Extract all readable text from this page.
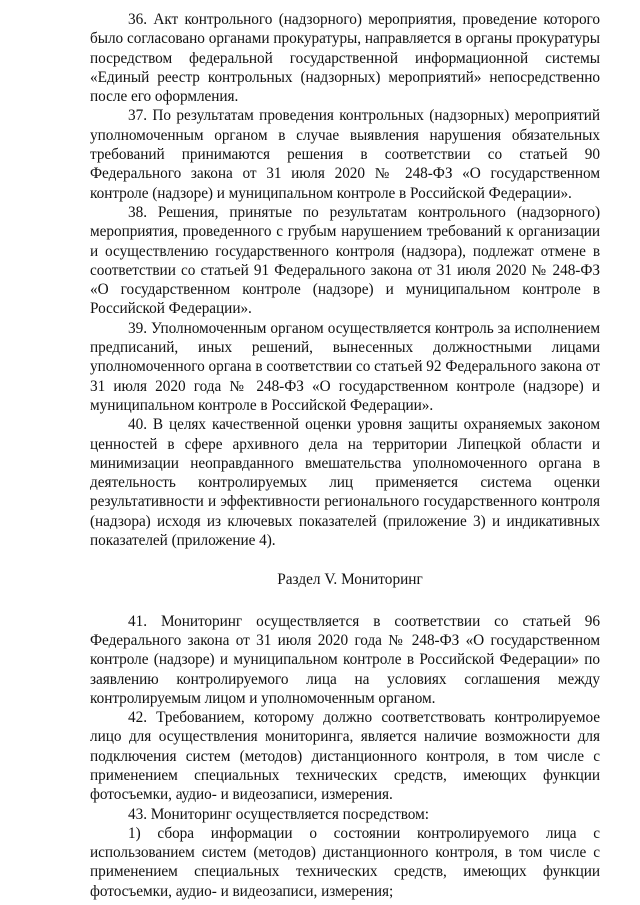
36. Акт контрольного (надзорного) мероприятия, проведение которого было согласовано органами прокуратуры, направляется в органы прокуратуры посредством федеральной государственной информационной системы «Единый реестр контрольных (надзорных) мероприятий» непосредственно после его оформления.

37. По результатам проведения контрольных (надзорных) мероприятий уполномоченным органом в случае выявления нарушения обязательных требований принимаются решения в соответствии со статьей 90 Федерального закона от 31 июля 2020 № 248-ФЗ «О государственном контроле (надзоре) и муниципальном контроле в Российской Федерации».

38. Решения, принятые по результатам контрольного (надзорного) мероприятия, проведенного с грубым нарушением требований к организации и осуществлению государственного контроля (надзора), подлежат отмене в соответствии со статьей 91 Федерального закона от 31 июля 2020 № 248-ФЗ «О государственном контроле (надзоре) и муниципальном контроле в Российской Федерации».

39. Уполномоченным органом осуществляется контроль за исполнением предписаний, иных решений, вынесенных должностными лицами уполномоченного органа в соответствии со статьей 92 Федерального закона от 31 июля 2020 года № 248-ФЗ «О государственном контроле (надзоре) и муниципальном контроле в Российской Федерации».

40. В целях качественной оценки уровня защиты охраняемых законом ценностей в сфере архивного дела на территории Липецкой области и минимизации неоправданного вмешательства уполномоченного органа в деятельность контролируемых лиц применяется система оценки результативности и эффективности регионального государственного контроля (надзора) исходя из ключевых показателей (приложение 3) и индикативных показателей (приложение 4).

Раздел V. Мониторинг

41. Мониторинг осуществляется в соответствии со статьей 96 Федерального закона от 31 июля 2020 года № 248-ФЗ «О государственном контроле (надзоре) и муниципальном контроле в Российской Федерации» по заявлению контролируемого лица на условиях соглашения между контролируемым лицом и уполномоченным органом.

42. Требованием, которому должно соответствовать контролируемое лицо для осуществления мониторинга, является наличие возможности для подключения систем (методов) дистанционного контроля, в том числе с применением специальных технических средств, имеющих функции фотосъемки, аудио- и видеозаписи, измерения.

43. Мониторинг осуществляется посредством:

1) сбора информации о состоянии контролируемого лица с использованием систем (методов) дистанционного контроля, в том числе с применением специальных технических средств, имеющих функции фотосъемки, аудио- и видеозаписи, измерения;
